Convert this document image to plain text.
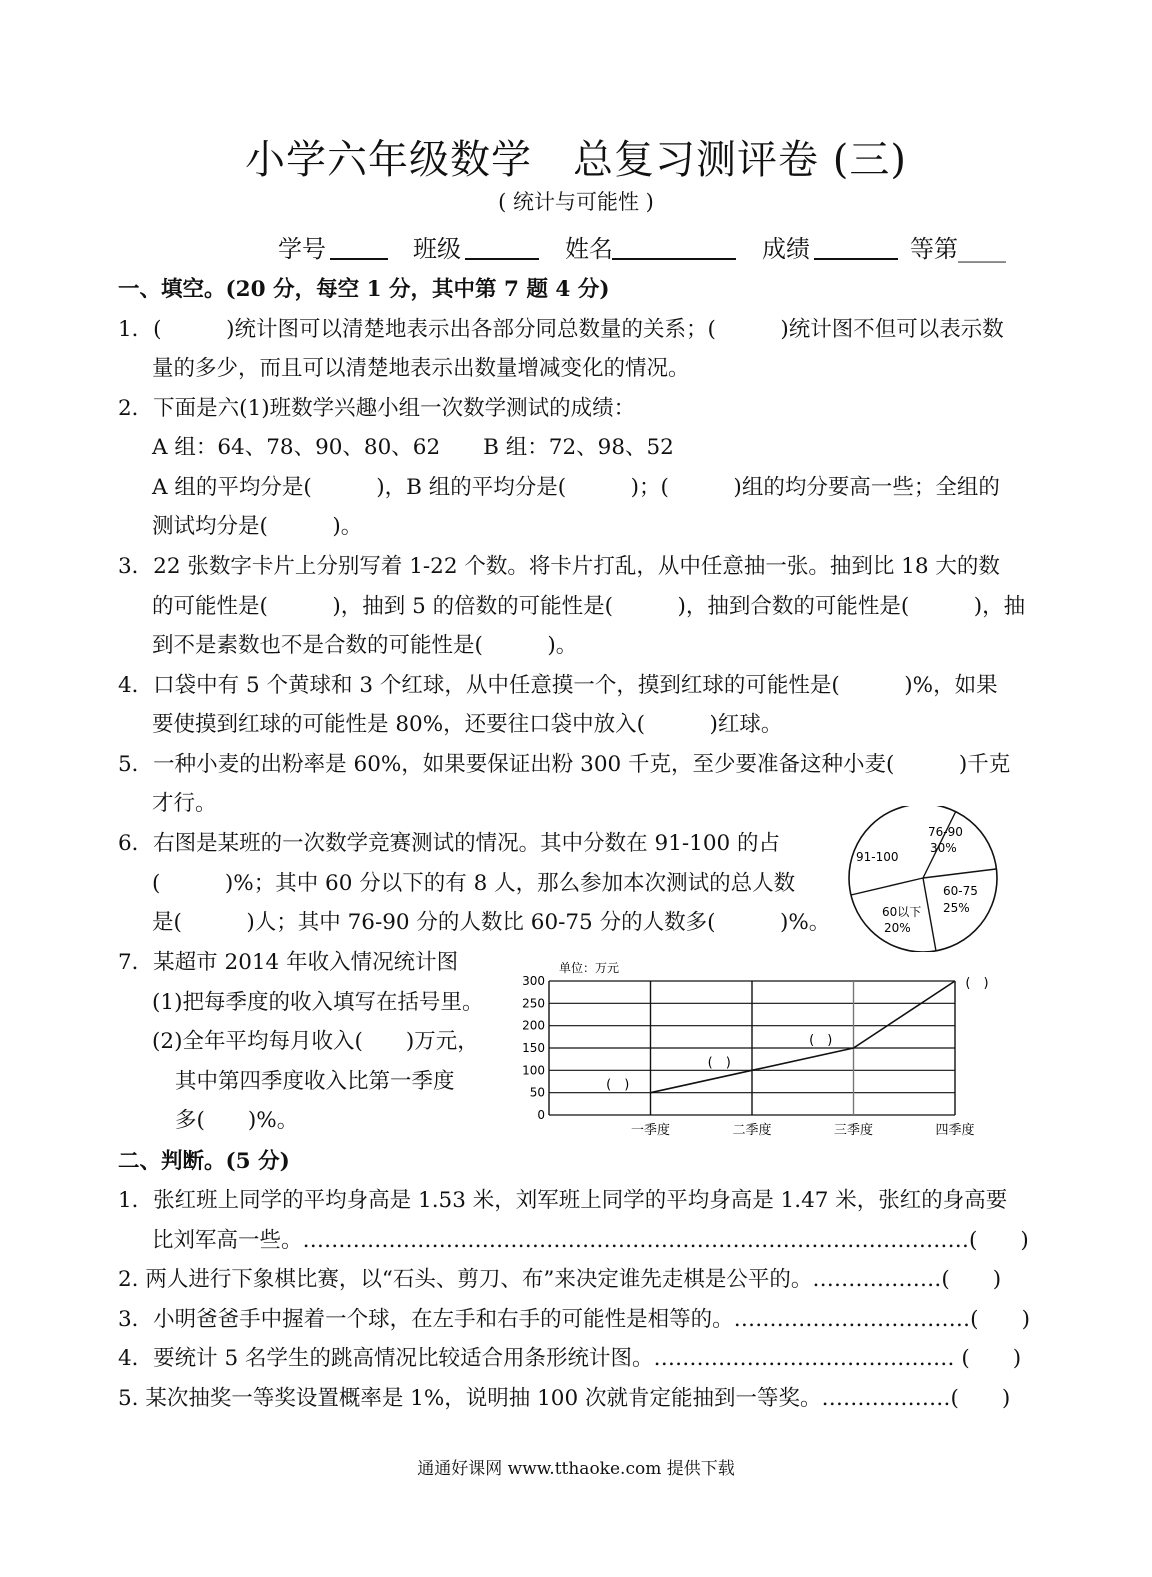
小学六年级数学　总复习测评卷 (三)
( 统计与可能性 )
学号	班级	姓名	成绩	等第____
一、填空。(20 分，每空 1 分，其中第 7 题 4 分)
1．(　　　)统计图可以清楚地表示出各部分同总数量的关系；(　　　)统计图不但可以表示数
量的多少，而且可以清楚地表示出数量增减变化的情况。
2．下面是六(1)班数学兴趣小组一次数学测试的成绩：
A 组：64、78、90、80、62　　B 组：72、98、52
A 组的平均分是(　　　)，B 组的平均分是(　　　)；(　　　)组的均分要高一些；全组的
测试均分是(　　　)。
3．22 张数字卡片上分别写着 1-22 个数。将卡片打乱，从中任意抽一张。抽到比 18 大的数
的可能性是(　　　)，抽到 5 的倍数的可能性是(　　　)，抽到合数的可能性是(　　　)，抽
到不是素数也不是合数的可能性是(　　　)。
4．口袋中有 5 个黄球和 3 个红球，从中任意摸一个，摸到红球的可能性是(　　　)%，如果
要使摸到红球的可能性是 80%，还要往口袋中放入(　　　)红球。
5．一种小麦的出粉率是 60%，如果要保证出粉 300 千克，至少要准备这种小麦(　　　)千克
才行。
6．右图是某班的一次数学竞赛测试的情况。其中分数在 91-100 的占
(　　　)%；其中 60 分以下的有 8 人，那么参加本次测试的总人数
是(　　　)人；其中 76-90 分的人数比 60-75 分的人数多(　　　)%。
91-100
76-90
30%
60-75
25%
60以下
20%
7．某超市 2014 年收入情况统计图
(1)把每季度的收入填写在括号里。
(2)全年平均每月收入(　　)万元，
其中第四季度收入比第一季度
多(　　)%。
单位：万元
0
50
100
150
200
250
300
一季度	二季度	三季度	四季度
(　)
(　)
(　)
(　)
二、判断。(5 分)
1．张红班上同学的平均身高是 1.53 米，刘军班上同学的平均身高是 1.47 米，张红的身高要
比刘军高一些。…………………………………………………………………………………(　　)
2. 两人进行下象棋比赛，以“石头、剪刀、布”来决定谁先走棋是公平的。………………(　　)
3．小明爸爸手中握着一个球，在左手和右手的可能性是相等的。……………………………(　　)
4．要统计 5 名学生的跳高情况比较适合用条形统计图。…………………………………… (　　)
5. 某次抽奖一等奖设置概率是 1%，说明抽 100 次就肯定能抽到一等奖。………………(　　)
通通好课网 www.tthaoke.com 提供下载
